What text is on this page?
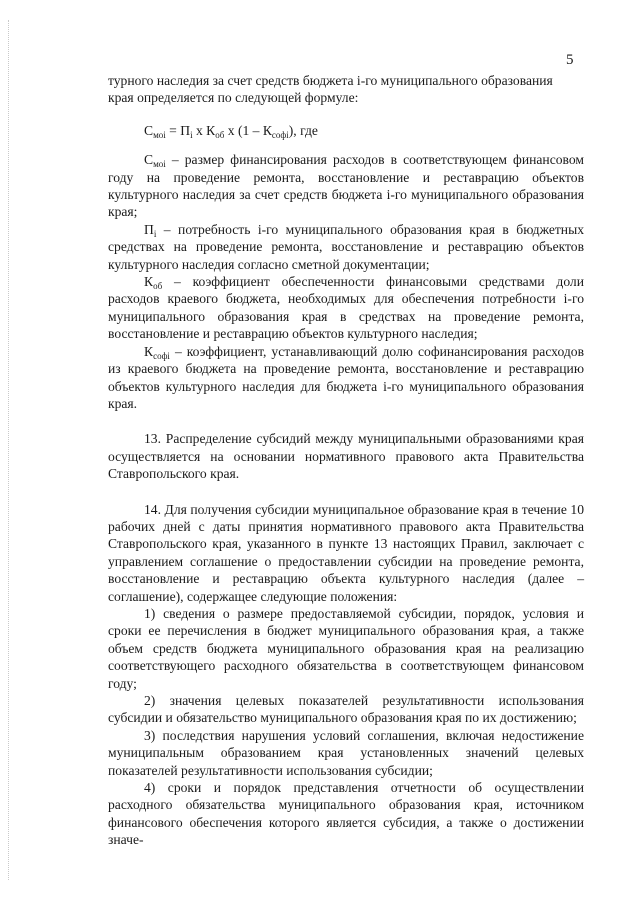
5

турного наследия за счет средств бюджета i-го муниципального образования

края определяется по следующей формуле:

$С_{моi} = П_i$ x $К_{об}$ x $(1 - К_{софi})$, где

$С_{моi}$ – размер финансирования расходов в соответствующем финансовом году на проведение ремонта, восстановление и реставрацию объектов культурного наследия за счет средств бюджета i-го муниципального образования края;

$П_i$ – потребность i-го муниципального образования края в бюджетных средствах на проведение ремонта, восстановление и реставрацию объектов культурного наследия согласно сметной документации;

$К_{об}$ – коэффициент обеспеченности финансовыми средствами доли расходов краевого бюджета, необходимых для обеспечения потребности i-го муниципального образования края в средствах на проведение ремонта, восстановление и реставрацию объектов культурного наследия;

$К_{софi}$ – коэффициент, устанавливающий долю софинансирования расходов из краевого бюджета на проведение ремонта, восстановление и реставрацию объектов культурного наследия для бюджета i-го муниципального образования края.

13. Распределение субсидий между муниципальными образованиями края осуществляется на основании нормативного правового акта Правительства Ставропольского края.

14. Для получения субсидии муниципальное образование края в течение 10 рабочих дней с даты принятия нормативного правового акта Правительства Ставропольского края, указанного в пункте 13 настоящих Правил, заключает с управлением соглашение о предоставлении субсидии на проведение ремонта, восстановление и реставрацию объекта культурного наследия (далее – соглашение), содержащее следующие положения:

1) сведения о размере предоставляемой субсидии, порядок, условия и сроки ее перечисления в бюджет муниципального образования края, а также объем средств бюджета муниципального образования края на реализацию соответствующего расходного обязательства в соответствующем финансовом году;

2) значения целевых показателей результативности использования субсидии и обязательство муниципального образования края по их достижению;

3) последствия нарушения условий соглашения, включая недостижение муниципальным образованием края установленных значений целевых показателей результативности использования субсидии;

4) сроки и порядок представления отчетности об осуществлении расходного обязательства муниципального образования края, источником финансового обеспечения которого является субсидия, а также о достижении значе-
